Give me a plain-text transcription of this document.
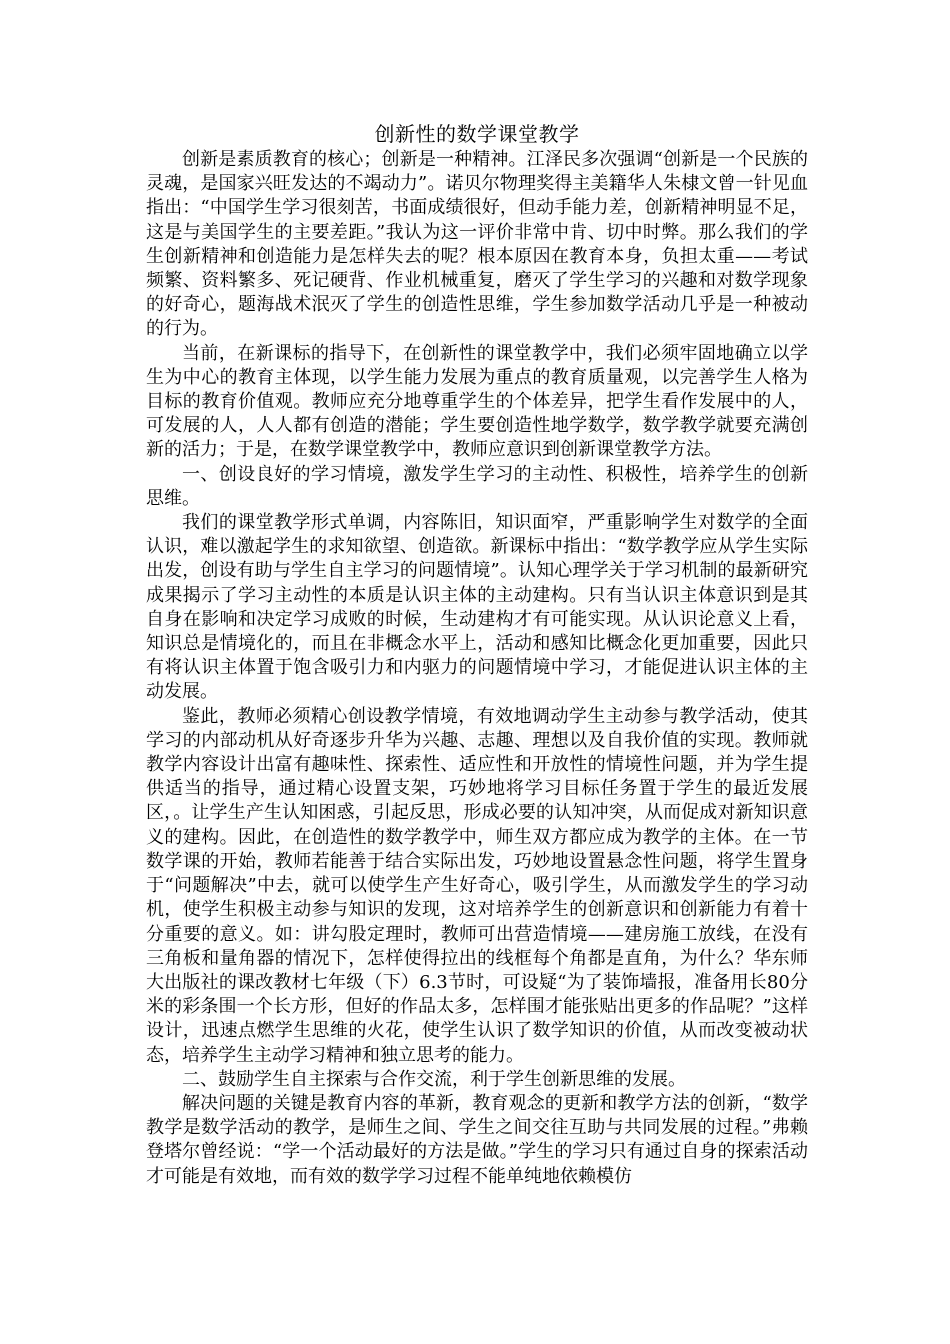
创新性的数学课堂教学

创新是素质教育的核心；创新是一种精神。江泽民多次强调“创新是一个民族的灵魂，是国家兴旺发达的不竭动力”。诺贝尔物理奖得主美籍华人朱棣文曾一针见血指出：“中国学生学习很刻苦，书面成绩很好，但动手能力差，创新精神明显不足，这是与美国学生的主要差距。”我认为这一评价非常中肯、切中时弊。那么我们的学生创新精神和创造能力是怎样失去的呢？根本原因在教育本身，负担太重——考试频繁、资料繁多、死记硬背、作业机械重复，磨灭了学生学习的兴趣和对数学现象的好奇心，题海战术泯灭了学生的创造性思维，学生参加数学活动几乎是一种被动的行为。

当前，在新课标的指导下，在创新性的课堂教学中，我们必须牢固地确立以学生为中心的教育主体现，以学生能力发展为重点的教育质量观，以完善学生人格为目标的教育价值观。教师应充分地尊重学生的个体差异，把学生看作发展中的人，可发展的人，人人都有创造的潜能；学生要创造性地学数学，数学教学就要充满创新的活力；于是，在数学课堂教学中，教师应意识到创新课堂教学方法。

一、创设良好的学习情境，激发学生学习的主动性、积极性，培养学生的创新思维。

我们的课堂教学形式单调，内容陈旧，知识面窄，严重影响学生对数学的全面认识，难以激起学生的求知欲望、创造欲。新课标中指出：“数学教学应从学生实际出发，创设有助与学生自主学习的问题情境”。认知心理学关于学习机制的最新研究成果揭示了学习主动性的本质是认识主体的主动建构。只有当认识主体意识到是其自身在影响和决定学习成败的时候，生动建构才有可能实现。从认识论意义上看，知识总是情境化的，而且在非概念水平上，活动和感知比概念化更加重要，因此只有将认识主体置于饱含吸引力和内驱力的问题情境中学习，才能促进认识主体的主动发展。

鉴此，教师必须精心创设教学情境，有效地调动学生主动参与教学活动，使其学习的内部动机从好奇逐步升华为兴趣、志趣、理想以及自我价值的实现。教师就教学内容设计出富有趣味性、探索性、适应性和开放性的情境性问题，并为学生提供适当的指导，通过精心设置支架，巧妙地将学习目标任务置于学生的最近发展区，。让学生产生认知困惑，引起反思，形成必要的认知冲突，从而促成对新知识意义的建构。因此，在创造性的数学教学中，师生双方都应成为教学的主体。在一节数学课的开始，教师若能善于结合实际出发，巧妙地设置悬念性问题，将学生置身于“问题解决”中去，就可以使学生产生好奇心，吸引学生，从而激发学生的学习动机，使学生积极主动参与知识的发现，这对培养学生的创新意识和创新能力有着十分重要的意义。如：讲勾股定理时，教师可出营造情境——建房施工放线，在没有三角板和量角器的情况下，怎样使得拉出的线框每个角都是直角，为什么？华东师大出版社的课改教材七年级（下）6.3节时，可设疑“为了装饰墙报，准备用长80分米的彩条围一个长方形，但好的作品太多，怎样围才能张贴出更多的作品呢？”这样设计，迅速点燃学生思维的火花，使学生认识了数学知识的价值，从而改变被动状态，培养学生主动学习精神和独立思考的能力。

二、鼓励学生自主探索与合作交流，利于学生创新思维的发展。

解决问题的关键是教育内容的革新，教育观念的更新和教学方法的创新，“数学教学是数学活动的教学，是师生之间、学生之间交往互助与共同发展的过程。”弗赖登塔尔曾经说：“学一个活动最好的方法是做。”学生的学习只有通过自身的探索活动才可能是有效地，而有效的数学学习过程不能单纯地依赖模仿
